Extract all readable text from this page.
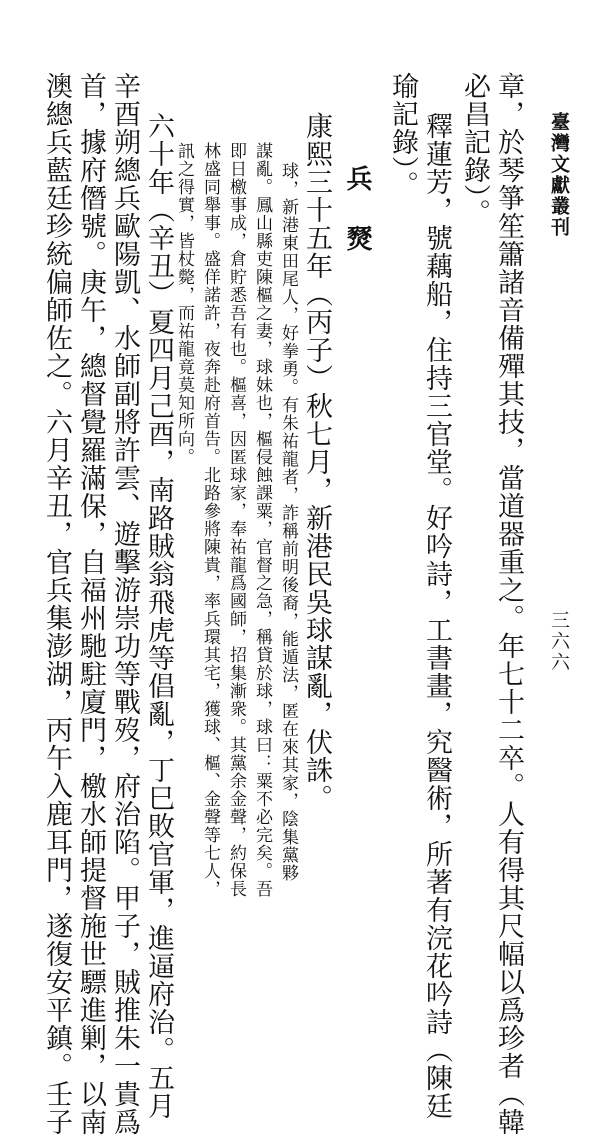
臺灣文獻叢刊
三六六
章，於琴箏笙簫諸音備殫其技，當道器重之。年七十二卒。人有得其尺幅以爲珍者（韓
必昌記錄）。
釋蓮芳，號藕船，住持三官堂。好吟詩，工書畫，究醫術，所著有浣花吟詩（陳廷
瑜記錄）。
兵燹
康熙三十五年（丙子）秋七月，新港民吳球謀亂，伏誅。
球，新港東田尾人，好拳勇。有朱祐龍者，詐稱前明後裔，能遁法，匿在來其家，陰集黨夥
謀亂。鳳山縣吏陳樞之妻，球妹也，樞侵蝕課粟，官督之急，稱貸於球，球曰：粟不必完矣。吾
即日檄事成，倉貯悉吾有也。樞喜，因匿球家，奉祐龍爲國師，招集漸衆。其黨余金聲，約保長
林盛同舉事。盛佯諾許，夜奔赴府首告。北路參將陳貴，率兵環其宅，獲球、樞、金聲等七人，
訊之得實，皆杖斃，而祐龍竟莫知所向。
六十年（辛丑）夏四月己酉，南路賊翁飛虎等倡亂，丁巳敗官軍，進逼府治。五月
辛酉朔總兵歐陽凱、水師副將許雲、遊擊游崇功等戰歿，府治陷。甲子，賊推朱一貴爲
首，據府僭號。庚午，總督覺羅滿保，自福州馳駐廈門，檄水師提督施世驃進剿，以南
澳總兵藍廷珍統偏師佐之。六月辛丑，官兵集澎湖，丙午入鹿耳門，遂復安平鎮。壬子
